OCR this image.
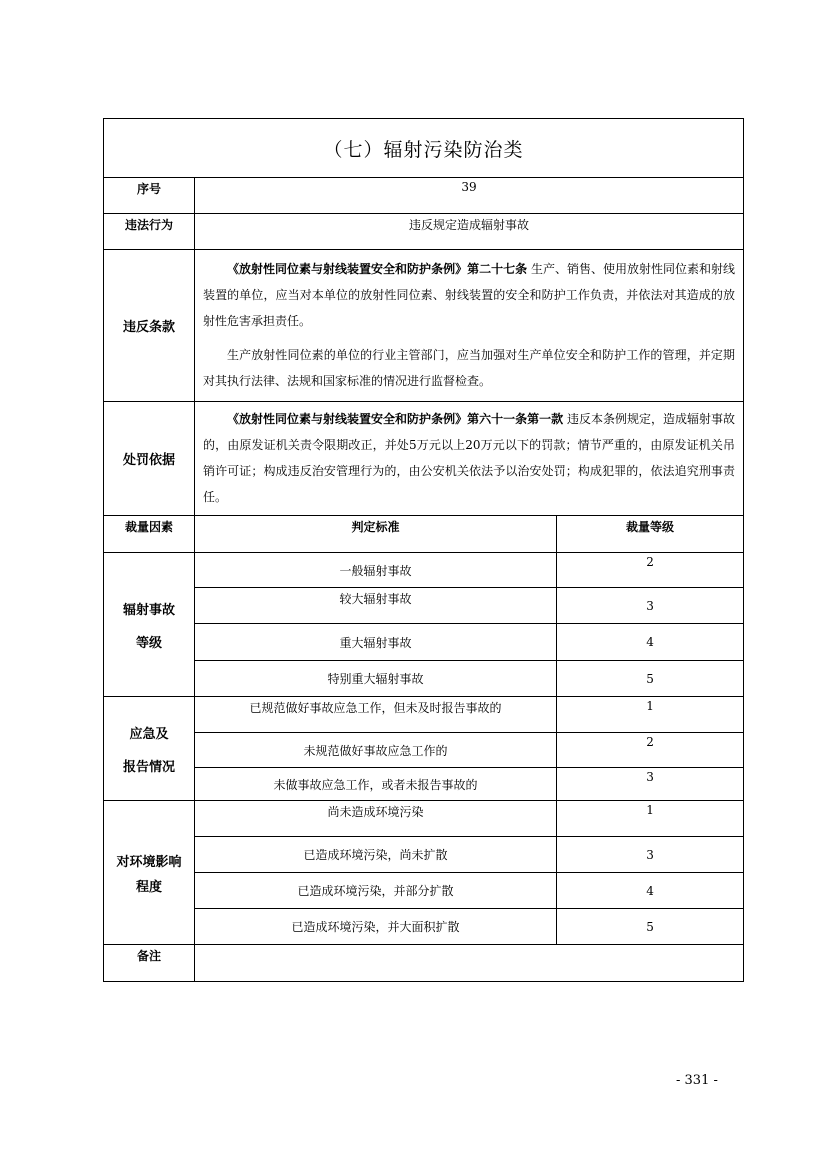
（七）辐射污染防治类		
序号	39	
违法行为	违反规定造成辐射事故	
违反条款	《放射性同位素与射线装置安全和防护条例》第二十七条 生产、销售、使用放射性同位素和射线装置的单位，应当对本单位的放射性同位素、射线装置的安全和防护工作负责，并依法对其造成的放射性危害承担责任。

生产放射性同位素的单位的行业主管部门，应当加强对生产单位安全和防护工作的管理，并定期对其执行法律、法规和国家标准的情况进行监督检查。	

处罚依据	《放射性同位素与射线装置安全和防护条例》第六十一条第一款 违反本条例规定，造成辐射事故的，由原发证机关责令限期改正，并处5万元以上20万元以下的罚款；情节严重的，由原发证机关吊销许可证；构成违反治安管理行为的，由公安机关依法予以治安处罚；构成犯罪的，依法追究刑事责任。	

裁量因素	判定标准	裁量等级

辐射事故
等级	一般辐射事故	2
	较大辐射事故	3
	重大辐射事故	4
	特别重大辐射事故	5

应急及
报告情况	已规范做好事故应急工作，但未及时报告事故的	1
	未规范做好事故应急工作的	2
	未做事故应急工作，或者未报告事故的	3

对环境影响
程度	尚未造成环境污染	1
	已造成环境污染，尚未扩散	3
	已造成环境污染，并部分扩散	4
	已造成环境污染，并大面积扩散	5
备注		
- 331 -
